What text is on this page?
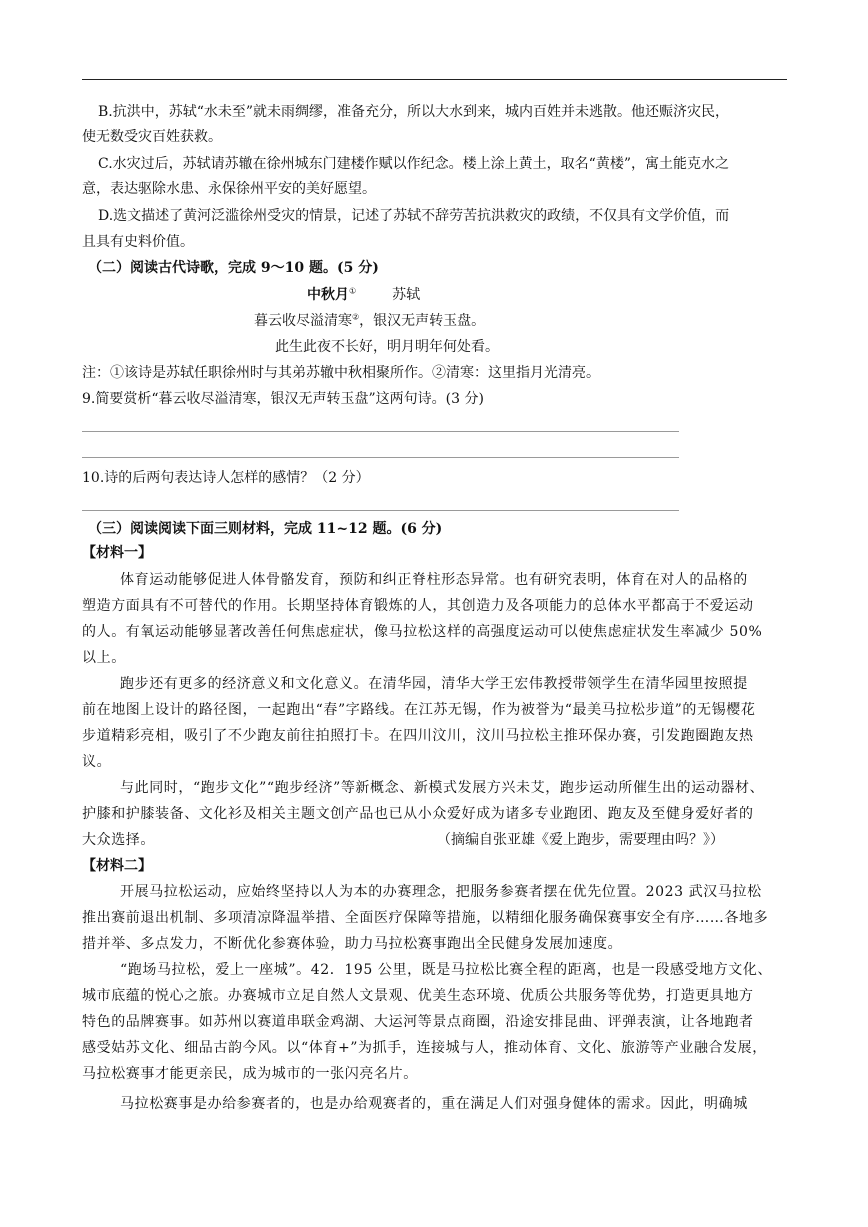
B.抗洪中，苏轼“水未至”就未雨绸缪，准备充分，所以大水到来，城内百姓并未逃散。他还赈济灾民，
使无数受灾百姓获救。
C.水灾过后，苏轼请苏辙在徐州城东门建楼作赋以作纪念。楼上涂上黄土，取名“黄楼”，寓土能克水之
意，表达驱除水患、永保徐州平安的美好愿望。
D.选文描述了黄河泛滥徐州受灾的情景，记述了苏轼不辞劳苦抗洪救灾的政绩，不仅具有文学价值，而
且具有史料价值。
（二）阅读古代诗歌，完成 9～10 题。(5 分)
中秋月①	苏轼
暮云收尽溢清寒②，银汉无声转玉盘。
此生此夜不长好，明月明年何处看。
注：①该诗是苏轼任职徐州时与其弟苏辙中秋相聚所作。②清寒：这里指月光清亮。
9.简要赏析“暮云收尽溢清寒，银汉无声转玉盘”这两句诗。(3 分)
10.诗的后两句表达诗人怎样的感情？（2 分）
（三）阅读阅读下面三则材料，完成 11~12 题。(6 分)
【材料一】
体育运动能够促进人体骨骼发育，预防和纠正脊柱形态异常。也有研究表明，体育在对人的品格的
塑造方面具有不可替代的作用。长期坚持体育锻炼的人，其创造力及各项能力的总体水平都高于不爱运动
的人。有氧运动能够显著改善任何焦虑症状，像马拉松这样的高强度运动可以使焦虑症状发生率减少 50%
以上。
跑步还有更多的经济意义和文化意义。在清华园，清华大学王宏伟教授带领学生在清华园里按照提
前在地图上设计的路径图，一起跑出“春”字路线。在江苏无锡，作为被誉为“最美马拉松步道”的无锡樱花
步道精彩亮相，吸引了不少跑友前往拍照打卡。在四川汶川，汶川马拉松主推环保办赛，引发跑圈跑友热
议。
与此同时，“跑步文化”“跑步经济”等新概念、新模式发展方兴未艾，跑步运动所催生出的运动器材、
护膝和护膝装备、文化衫及相关主题文创产品也已从小众爱好成为诸多专业跑团、跑友及至健身爱好者的
大众选择。	（摘编自张亚雄《爱上跑步，需要理由吗？》）
【材料二】
开展马拉松运动，应始终坚持以人为本的办赛理念，把服务参赛者摆在优先位置。2023 武汉马拉松
推出赛前退出机制、多项清凉降温举措、全面医疗保障等措施，以精细化服务确保赛事安全有序……各地多
措并举、多点发力，不断优化参赛体验，助力马拉松赛事跑出全民健身发展加速度。
“跑场马拉松，爱上一座城”。42．195 公里，既是马拉松比赛全程的距离，也是一段感受地方文化、
城市底蕴的悦心之旅。办赛城市立足自然人文景观、优美生态环境、优质公共服务等优势，打造更具地方
特色的品牌赛事。如苏州以赛道串联金鸡湖、大运河等景点商圈，沿途安排昆曲、评弹表演，让各地跑者
感受姑苏文化、细品古韵今风。以“体育+”为抓手，连接城与人，推动体育、文化、旅游等产业融合发展，
马拉松赛事才能更亲民，成为城市的一张闪亮名片。
马拉松赛事是办给参赛者的，也是办给观赛者的，重在满足人们对强身健体的需求。因此，明确城
